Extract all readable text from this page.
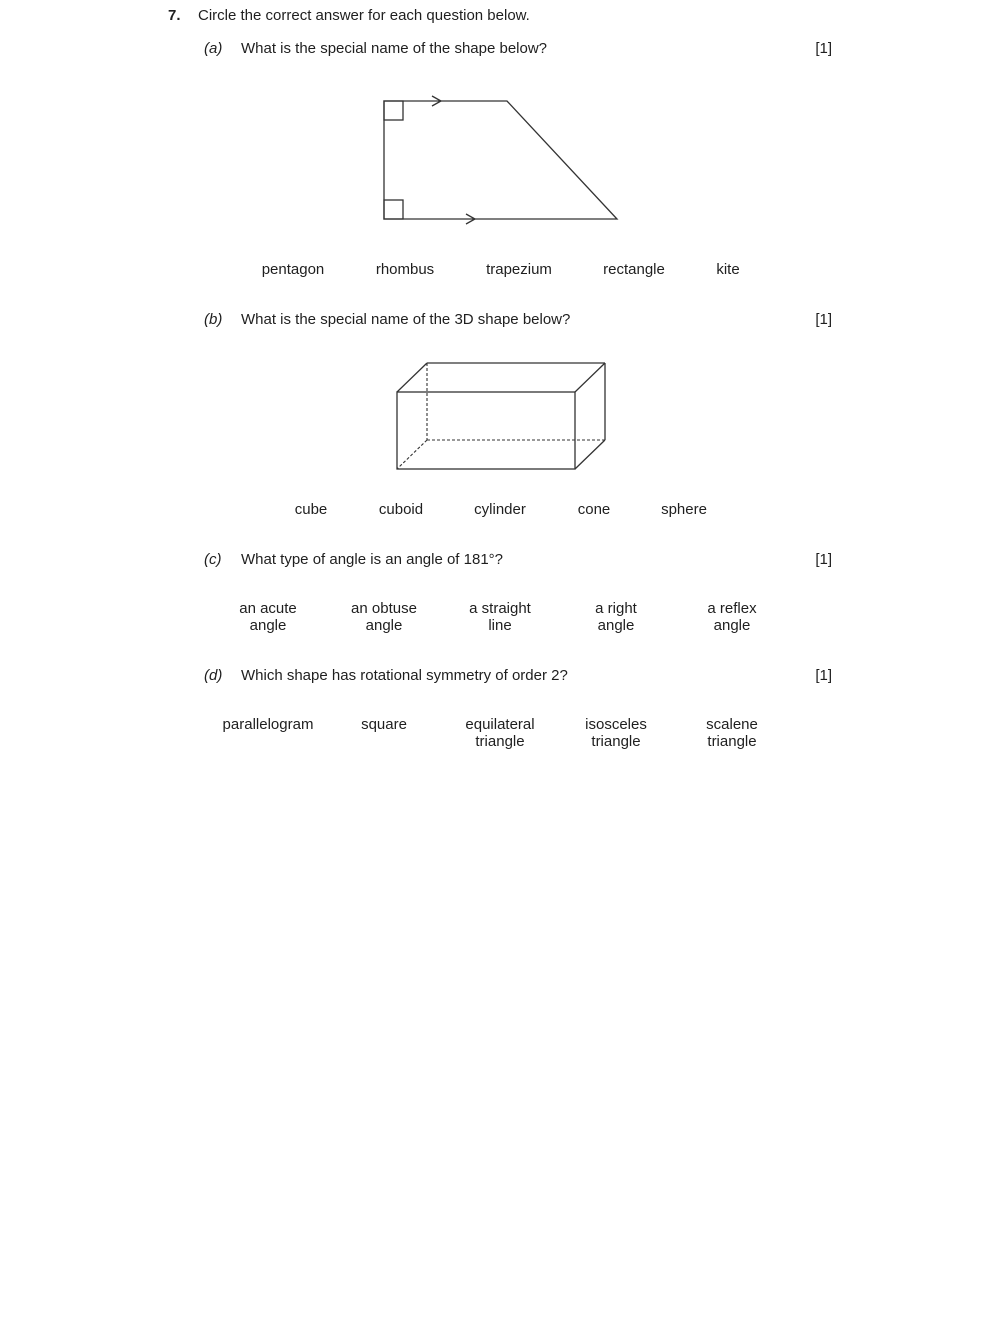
7. Circle the correct answer for each question below.
(a) What is the special name of the shape below?	[1]
pentagon	rhombus	trapezium	rectangle	kite
(b) What is the special name of the 3D shape below?	[1]
cube	cuboid	cylinder	cone	sphere
(c) What type of angle is an angle of 181°?	[1]
an acute
angle
an obtuse
angle
a straight
line
a right
angle
a reflex
angle
(d) Which shape has rotational symmetry of order 2?	[1]
parallelogram	square	equilateral
triangle
isosceles
triangle
scalene
triangle
